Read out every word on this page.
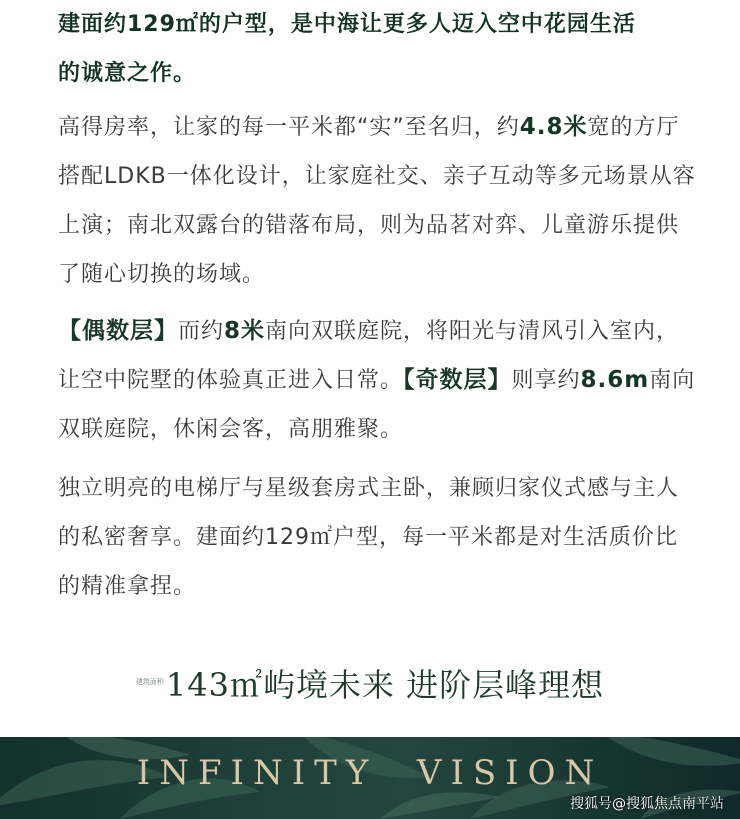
建面约129㎡的户型，是中海让更多人迈入空中花园生活
的诚意之作。

高得房率，让家的每一平米都“实”至名归，约4.8米宽的方厅搭配LDKB一体化设计，让家庭社交、亲子互动等多元场景从容上演；南北双露台的错落布局，则为品茗对弈、儿童游乐提供了随心切换的场域。

【偶数层】而约8米南向双联庭院，将阳光与清风引入室内，让空中院墅的体验真正进入日常。【奇数层】则享约8.6m南向双联庭院，休闲会客，高朋雅聚。

独立明亮的电梯厅与星级套房式主卧，兼顾归家仪式感与主人的私密奢享。建面约129㎡户型，每一平米都是对生活质价比的精准拿捏。

$^{建筑面积}$143㎡屿境未来 进阶层峰理想
INFINITY  VISION
搜狐号@搜狐焦点南平站
